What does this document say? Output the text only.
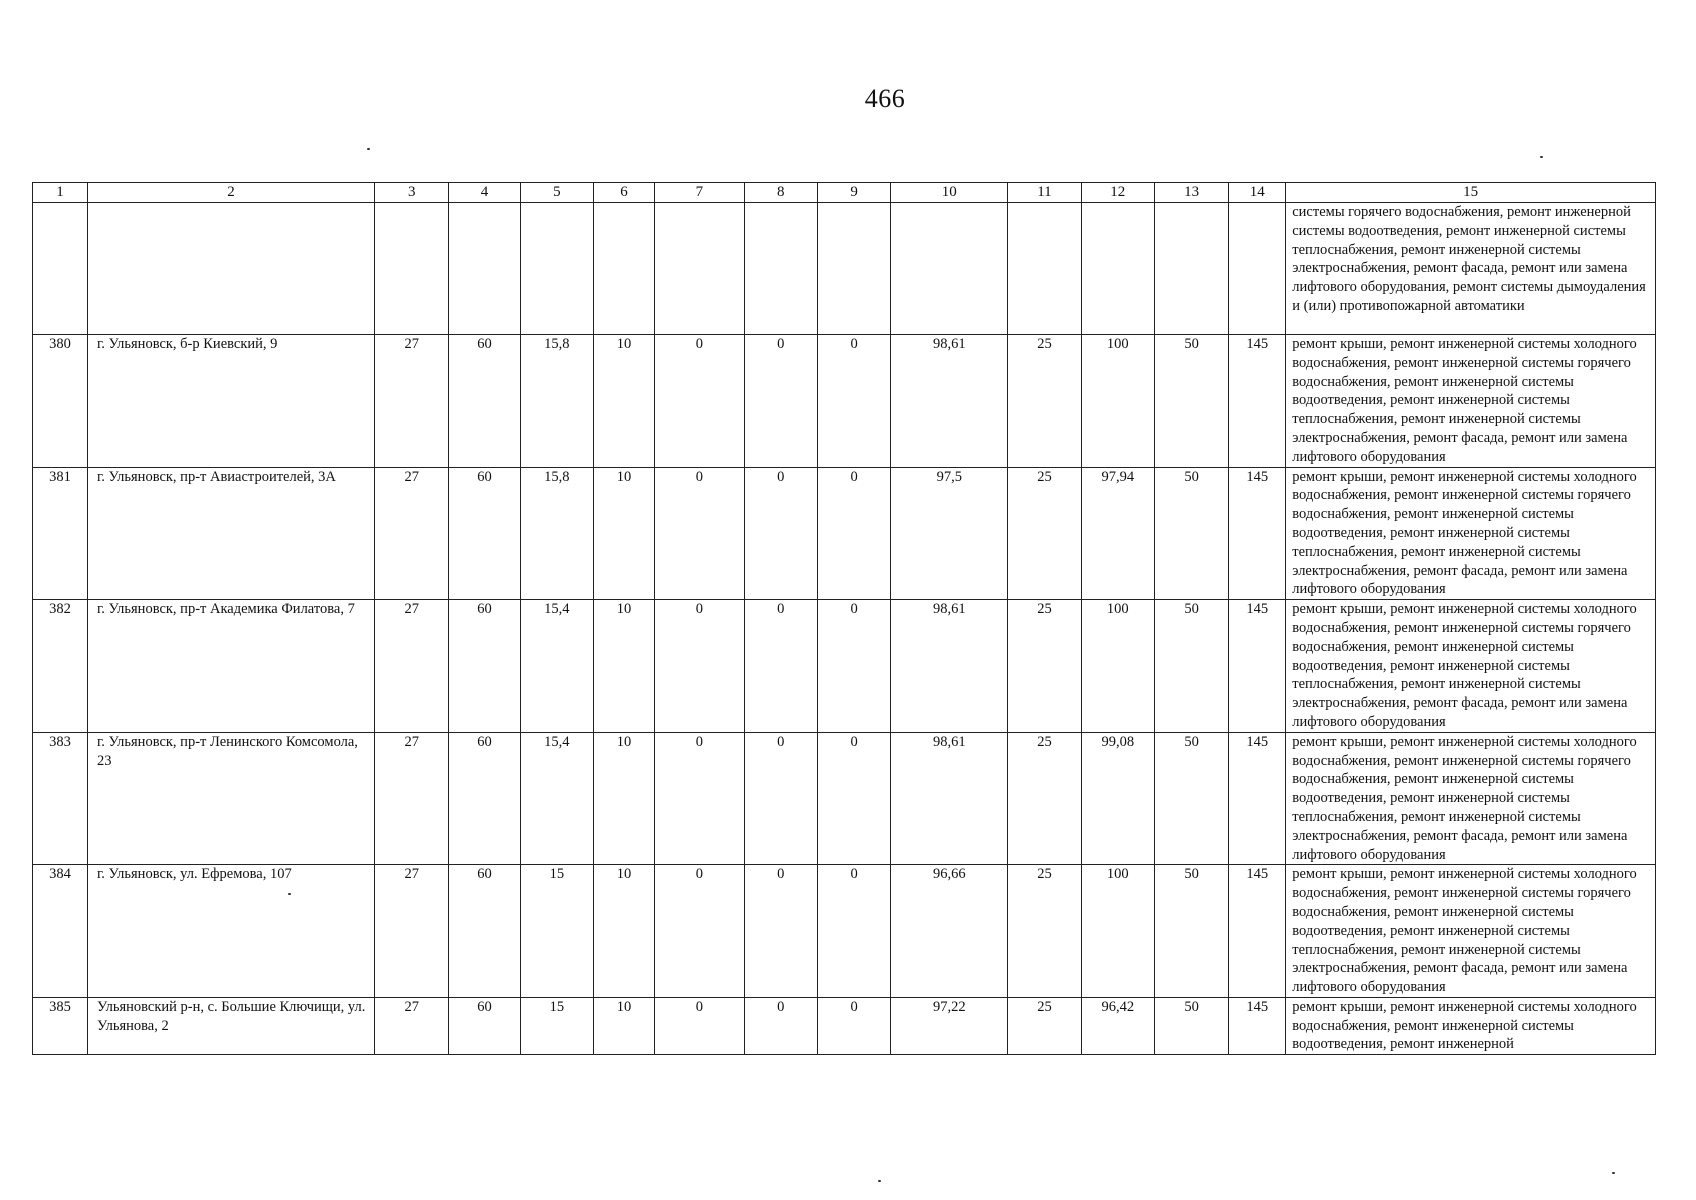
466
1	2	3	4	5	6	7	8	9	10	11	12	13	14	15
														системы горячего водоснабжения, ремонт инженерной системы водоотведения, ремонт инженерной системы теплоснабжения, ремонт инженерной системы электроснабжения, ремонт фасада, ремонт или замена лифтового оборудования, ремонт системы дымоудаления и (или) противопожарной автоматики
380	г. Ульяновск, б-р Киевский, 9	27	60	15,8	10	0	0	0	98,61	25	100	50	145	ремонт крыши, ремонт инженерной системы холодного водоснабжения, ремонт инженерной системы горячего водоснабжения, ремонт инженерной системы водоотведения, ремонт инженерной системы теплоснабжения, ремонт инженерной системы электроснабжения, ремонт фасада, ремонт или замена лифтового оборудования
381	г. Ульяновск, пр-т Авиастроителей, 3А	27	60	15,8	10	0	0	0	97,5	25	97,94	50	145	ремонт крыши, ремонт инженерной системы холодного водоснабжения, ремонт инженерной системы горячего водоснабжения, ремонт инженерной системы водоотведения, ремонт инженерной системы теплоснабжения, ремонт инженерной системы электроснабжения, ремонт фасада, ремонт или замена лифтового оборудования
382	г. Ульяновск, пр-т Академика Филатова, 7	27	60	15,4	10	0	0	0	98,61	25	100	50	145	ремонт крыши, ремонт инженерной системы холодного водоснабжения, ремонт инженерной системы горячего водоснабжения, ремонт инженерной системы водоотведения, ремонт инженерной системы теплоснабжения, ремонт инженерной системы электроснабжения, ремонт фасада, ремонт или замена лифтового оборудования
383	г. Ульяновск, пр-т Ленинского Комсомола, 23	27	60	15,4	10	0	0	0	98,61	25	99,08	50	145	ремонт крыши, ремонт инженерной системы холодного водоснабжения, ремонт инженерной системы горячего водоснабжения, ремонт инженерной системы водоотведения, ремонт инженерной системы теплоснабжения, ремонт инженерной системы электроснабжения, ремонт фасада, ремонт или замена лифтового оборудования
384	г. Ульяновск, ул. Ефремова, 107	27	60	15	10	0	0	0	96,66	25	100	50	145	ремонт крыши, ремонт инженерной системы холодного водоснабжения, ремонт инженерной системы горячего водоснабжения, ремонт инженерной системы водоотведения, ремонт инженерной системы теплоснабжения, ремонт инженерной системы электроснабжения, ремонт фасада, ремонт или замена лифтового оборудования
385	Ульяновский р-н, с. Большие Ключищи, ул. Ульянова, 2	27	60	15	10	0	0	0	97,22	25	96,42	50	145	ремонт крыши, ремонт инженерной системы холодного водоснабжения, ремонт инженерной системы водоотведения, ремонт инженерной
